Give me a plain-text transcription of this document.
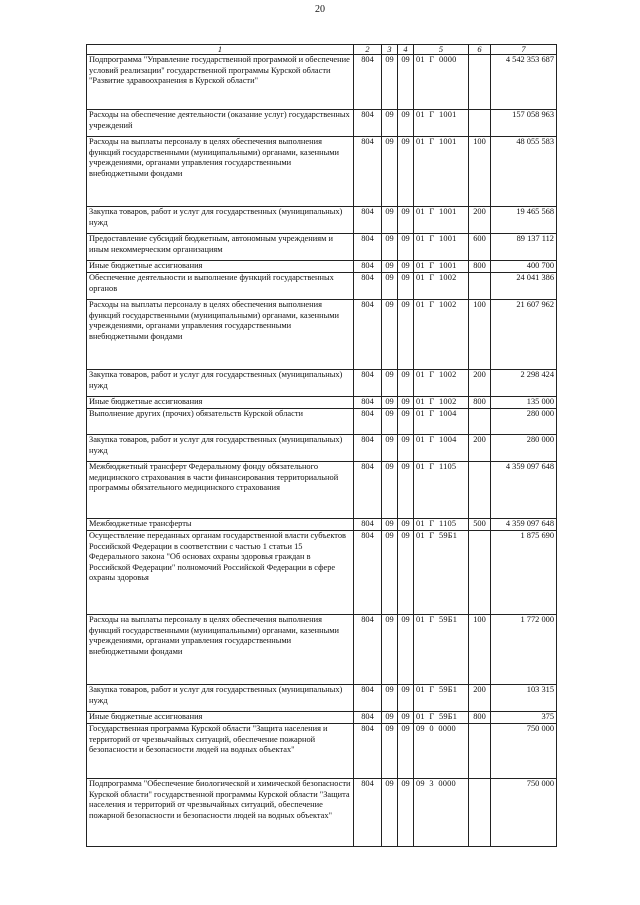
20
1	2	3	4	5	6	7
Подпрограмма "Управление государственной программой и обеспечение условий реализации" государственной программы Курской области "Развитие здравоохранения в Курской области"	804	09	09	01  Г  0000		4 542 353 687
Расходы на обеспечение деятельности (оказание услуг) государственных учреждений	804	09	09	01  Г  1001		157 058 963
Расходы на выплаты персоналу в целях обеспечения выполнения функций государственными (муниципальными) органами, казенными учреждениями, органами управления государственными внебюджетными фондами	804	09	09	01  Г  1001	100	48 055 583
Закупка товаров, работ и услуг для государственных (муниципальных) нужд	804	09	09	01  Г  1001	200	19 465 568
Предоставление субсидий бюджетным, автономным учреждениям и иным некоммерческим организациям	804	09	09	01  Г  1001	600	89 137 112
Иные бюджетные ассигнования	804	09	09	01  Г  1001	800	400 700
Обеспечение деятельности и выполнение функций государственных органов	804	09	09	01  Г  1002		24 041 386
Расходы на выплаты персоналу в целях обеспечения выполнения функций государственными (муниципальными) органами, казенными учреждениями, органами управления государственными внебюджетными фондами	804	09	09	01  Г  1002	100	21 607 962
Закупка товаров, работ и услуг для государственных (муниципальных) нужд	804	09	09	01  Г  1002	200	2 298 424
Иные бюджетные ассигнования	804	09	09	01  Г  1002	800	135 000
Выполнение других (прочих) обязательств Курской области	804	09	09	01  Г  1004		280 000
Закупка товаров, работ и услуг для государственных (муниципальных) нужд	804	09	09	01  Г  1004	200	280 000
Межбюджетный трансферт Федеральному фонду обязательного медицинского страхования в части финансирования территориальной программы обязательного медицинского страхования	804	09	09	01  Г  1105		4 359 097 648
Межбюджетные трансферты	804	09	09	01  Г  1105	500	4 359 097 648
Осуществление переданных органам государственной власти субъектов Российской Федерации в соответствии с частью 1 статьи 15 Федерального закона "Об основах охраны здоровья граждан в Российской Федерации" полномочий Российской Федерации в сфере охраны здоровья	804	09	09	01  Г  59Б1		1 875 690
Расходы на выплаты персоналу в целях обеспечения выполнения функций государственными (муниципальными) органами, казенными учреждениями, органами управления государственными внебюджетными фондами	804	09	09	01  Г  59Б1	100	1 772 000
Закупка товаров, работ и услуг для государственных (муниципальных) нужд	804	09	09	01  Г  59Б1	200	103 315
Иные бюджетные ассигнования	804	09	09	01  Г  59Б1	800	375
Государственная программа Курской области "Защита населения и территорий от чрезвычайных ситуаций, обеспечение пожарной безопасности и безопасности людей на водных объектах"	804	09	09	09  0  0000		750 000
Подпрограмма "Обеспечение биологической и химической безопасности Курской области" государственной программы Курской области "Защита населения и территорий от чрезвычайных ситуаций, обеспечение пожарной безопасности и безопасности людей на водных объектах"	804	09	09	09  3  0000		750 000
